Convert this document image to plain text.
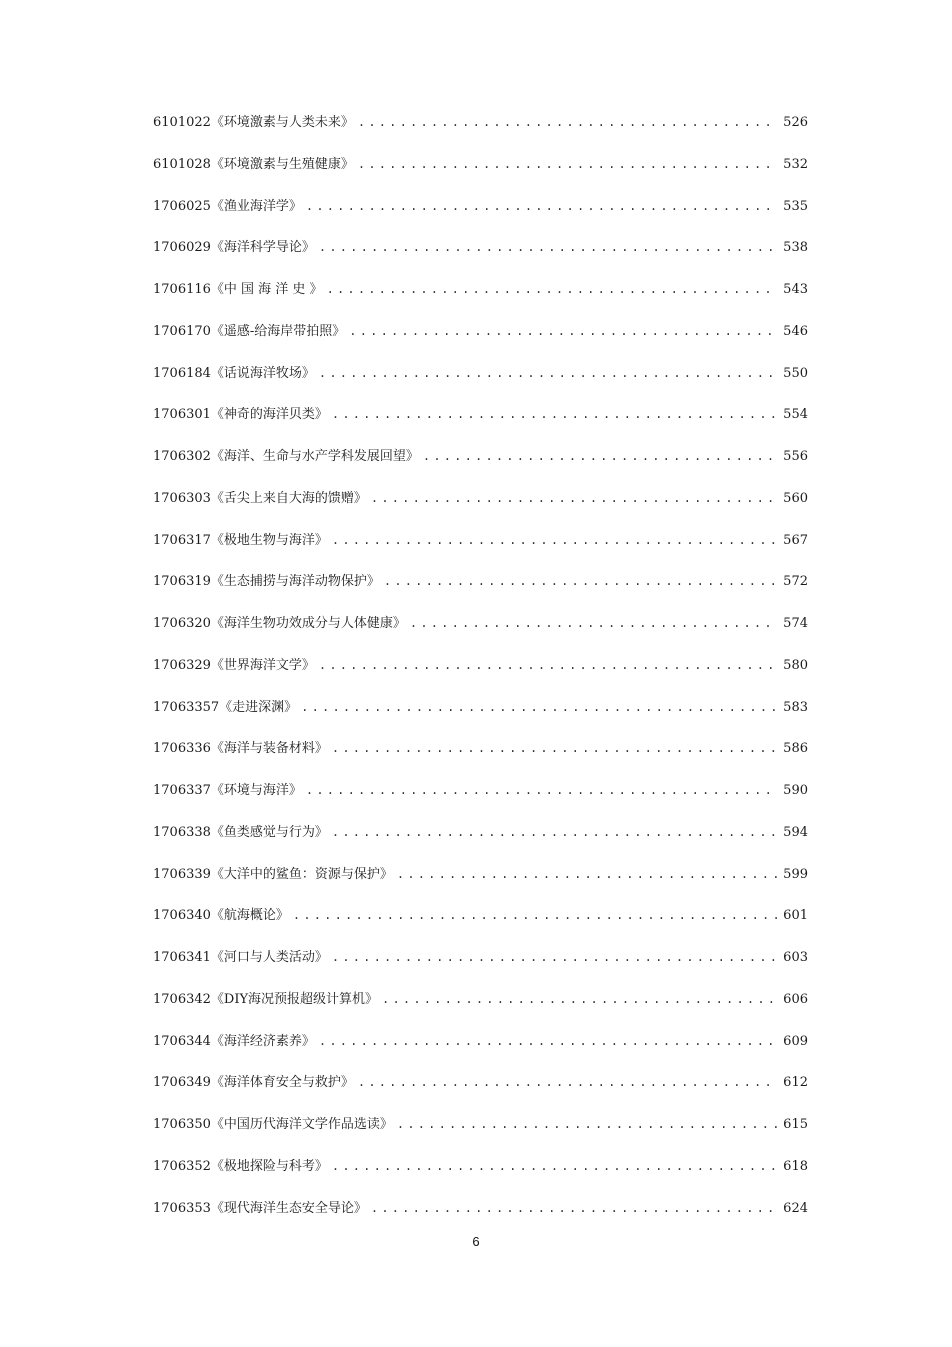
6101022《环境激素与人类未来》 .....	526
6101028《环境激素与生殖健康》 .....	532
1706025《渔业海洋学》 .....	535
1706029《海洋科学导论》 .....	538
1706116《中 国 海 洋 史 》 .....	543
1706170《遥感-给海岸带拍照》 .....	546
1706184《话说海洋牧场》 .....	550
1706301《神奇的海洋贝类》 .....	554
1706302《海洋、生命与水产学科发展回望》 .....	556
1706303《舌尖上来自大海的馈赠》 .....	560
1706317《极地生物与海洋》 .....	567
1706319《生态捕捞与海洋动物保护》 .....	572
1706320《海洋生物功效成分与人体健康》 .....	574
1706329《世界海洋文学》 .....	580
17063357《走进深渊》 .....	583
1706336《海洋与装备材料》 .....	586
1706337《环境与海洋》 .....	590
1706338《鱼类感觉与行为》 .....	594
1706339《大洋中的鲨鱼：资源与保护》 .....	599
1706340《航海概论》 .....	601
1706341《河口与人类活动》 .....	603
1706342《DIY海况预报超级计算机》 .....	606
1706344《海洋经济素养》 .....	609
1706349《海洋体育安全与救护》 .....	612
1706350《中国历代海洋文学作品选读》 .....	615
1706352《极地探险与科考》 .....	618
1706353《现代海洋生态安全导论》 .....	624
6
